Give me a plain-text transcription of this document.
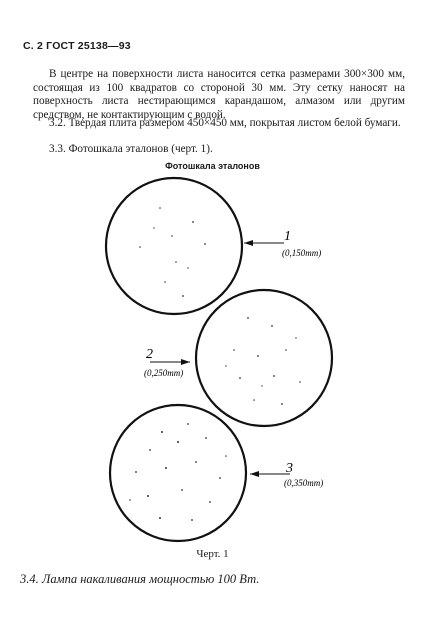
С. 2 ГОСТ 25138—93
В центре на поверхности листа наносится сетка размерами 300×300 мм, состоящая из 100 квадратов со стороной 30 мм. Эту сетку наносят на поверхность листа нестирающимся карандашом, алмазом или другим средством, не контактирующим с водой.
3.2. Твердая плита размером 450×450 мм, покрытая листом белой бумаги.
3.3. Фотошкала эталонов (черт. 1).
Фотошкала эталонов
1
(0,150mm)
2
(0,250mm)
3
(0,350mm)
Черт. 1
3.4. Лампа накаливания мощностью 100 Вт.
